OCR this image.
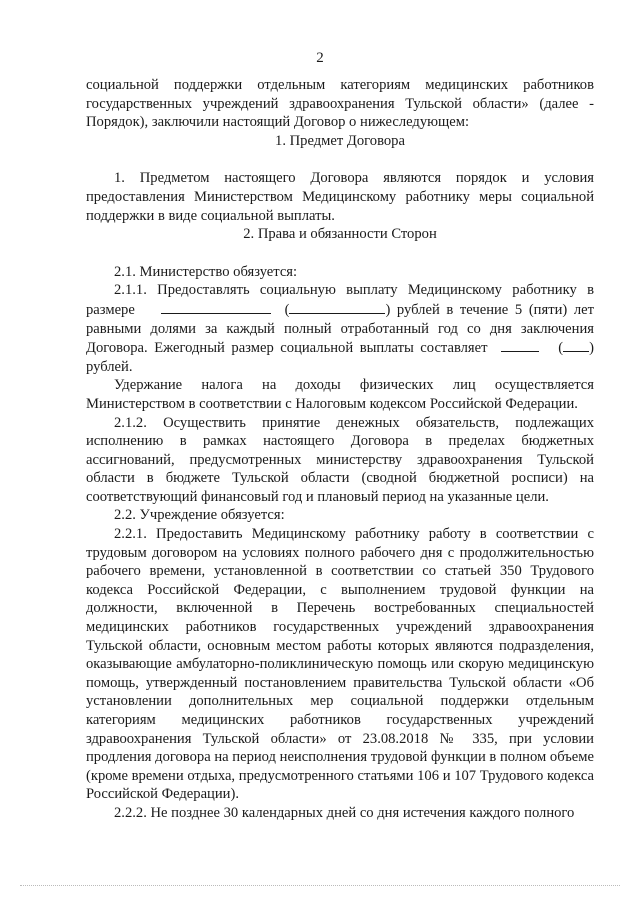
2

социальной поддержки отдельным категориям медицинских работников государственных учреждений здравоохранения Тульской области» (далее - Порядок), заключили настоящий Договор о нижеследующем:

1. Предмет Договора

1. Предметом настоящего Договора являются порядок и условия предоставления Министерством Медицинскому работнику меры социальной поддержки в виде социальной выплаты.

2. Права и обязанности Сторон

2.1. Министерство обязуется:

2.1.1. Предоставлять социальную выплату Медицинскому работнику в размере	(	) рублей в течение 5 (пяти) лет равными долями за каждый полный отработанный год со дня заключения Договора. Ежегодный размер социальной выплаты составляет	( ) рублей.

Удержание налога на доходы физических лиц осуществляется Министерством в соответствии с Налоговым кодексом Российской Федерации.

2.1.2. Осуществить принятие денежных обязательств, подлежащих исполнению в рамках настоящего Договора в пределах бюджетных ассигнований, предусмотренных министерству здравоохранения Тульской области в бюджете Тульской области (сводной бюджетной росписи) на соответствующий финансовый год и плановый период на указанные цели.

2.2. Учреждение обязуется:

2.2.1. Предоставить Медицинскому работнику работу в соответствии с трудовым договором на условиях полного рабочего дня с продолжительностью рабочего времени, установленной в соответствии со статьей 350 Трудового кодекса Российской Федерации, с выполнением трудовой функции на должности, включенной в Перечень востребованных специальностей медицинских работников государственных учреждений здравоохранения Тульской области, основным местом работы которых являются подразделения, оказывающие амбулаторно-поликлиническую помощь или скорую медицинскую помощь, утвержденный постановлением правительства Тульской области «Об установлении дополнительных мер социальной поддержки отдельным категориям медицинских работников государственных учреждений здравоохранения Тульской области» от 23.08.2018 № 335, при условии продления договора на период неисполнения трудовой функции в полном объеме (кроме времени отдыха, предусмотренного статьями 106 и 107 Трудового кодекса Российской Федерации).

2.2.2. Не позднее 30 календарных дней со дня истечения каждого полного
